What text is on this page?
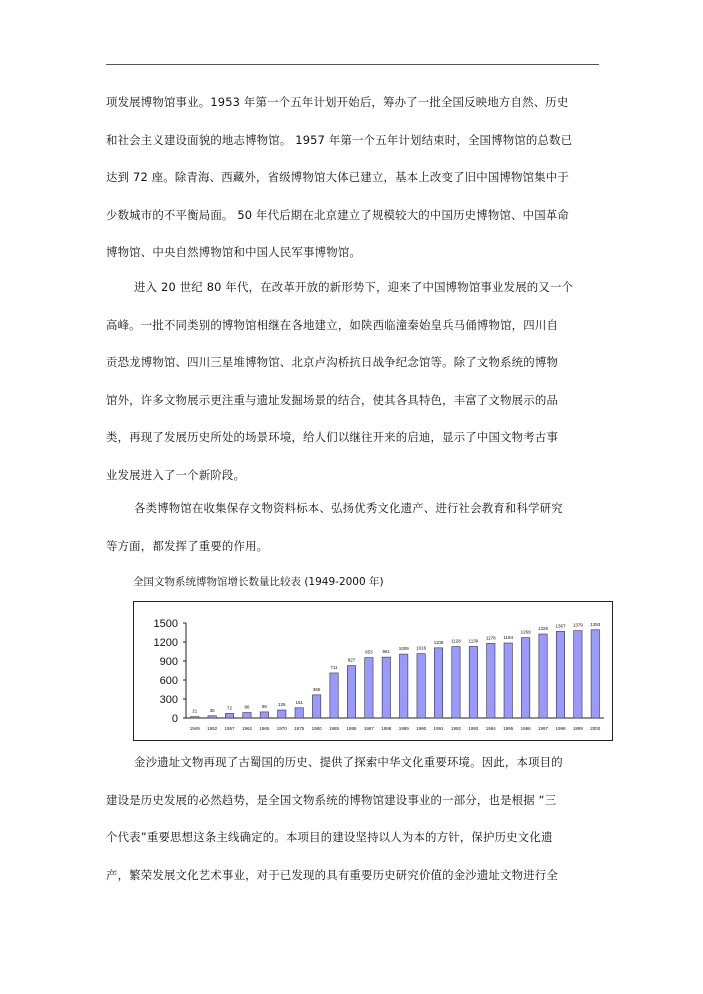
项发展博物馆事业。1953 年第一个五年计划开始后，筹办了一批全国反映地方自然、历史
和社会主义建设面貌的地志博物馆。 1957 年第一个五年计划结束时，全国博物馆的总数已
达到 72 座。除青海、西藏外，省级博物馆大体已建立，基本上改变了旧中国博物馆集中于
少数城市的不平衡局面。 50 年代后期在北京建立了规模较大的中国历史博物馆、中国革命
博物馆、中央自然博物馆和中国人民军事博物馆。
进入 20 世纪 80 年代，在改革开放的新形势下，迎来了中国博物馆事业发展的又一个
高峰。一批不同类别的博物馆相继在各地建立，如陕西临潼秦始皇兵马俑博物馆，四川自
贡恐龙博物馆、四川三星堆博物馆、北京卢沟桥抗日战争纪念馆等。除了文物系统的博物
馆外，许多文物展示更注重与遗址发掘场景的结合，使其各具特色，丰富了文物展示的品
类，再现了发展历史所处的场景环境，给人们以继往开来的启迪，显示了中国文物考古事
业发展进入了一个新阶段。
各类博物馆在收集保存文物资料标本、弘扬优秀文化遗产、进行社会教育和科学研究
等方面，都发挥了重要的作用。

全国文物系统博物馆增长数量比较表 (1949-2000 年)

0
300
600
900
1200
1500
21
1949
35
1952
72
1957
86
1962
96
1965
126
1970
161
1975
365
1980
711
1985
827
1986
953
1987
961
1988
1009
1989
1016
1990
1108
1991
1128
1992
1130
1993
1178
1994
1184
1995
1269
1996
1326
1997
1367
1998
1379
1999
1393
2000
金沙遗址文物再现了古蜀国的历史、提供了探索中华文化重要环境。因此，本项目的
建设是历史发展的必然趋势，是全国文物系统的博物馆建设事业的一部分，也是根据 “三
个代表”重要思想这条主线确定的。本项目的建设坚持以人为本的方针，保护历史文化遗
产，繁荣发展文化艺术事业，对于已发现的具有重要历史研究价值的金沙遗址文物进行全
